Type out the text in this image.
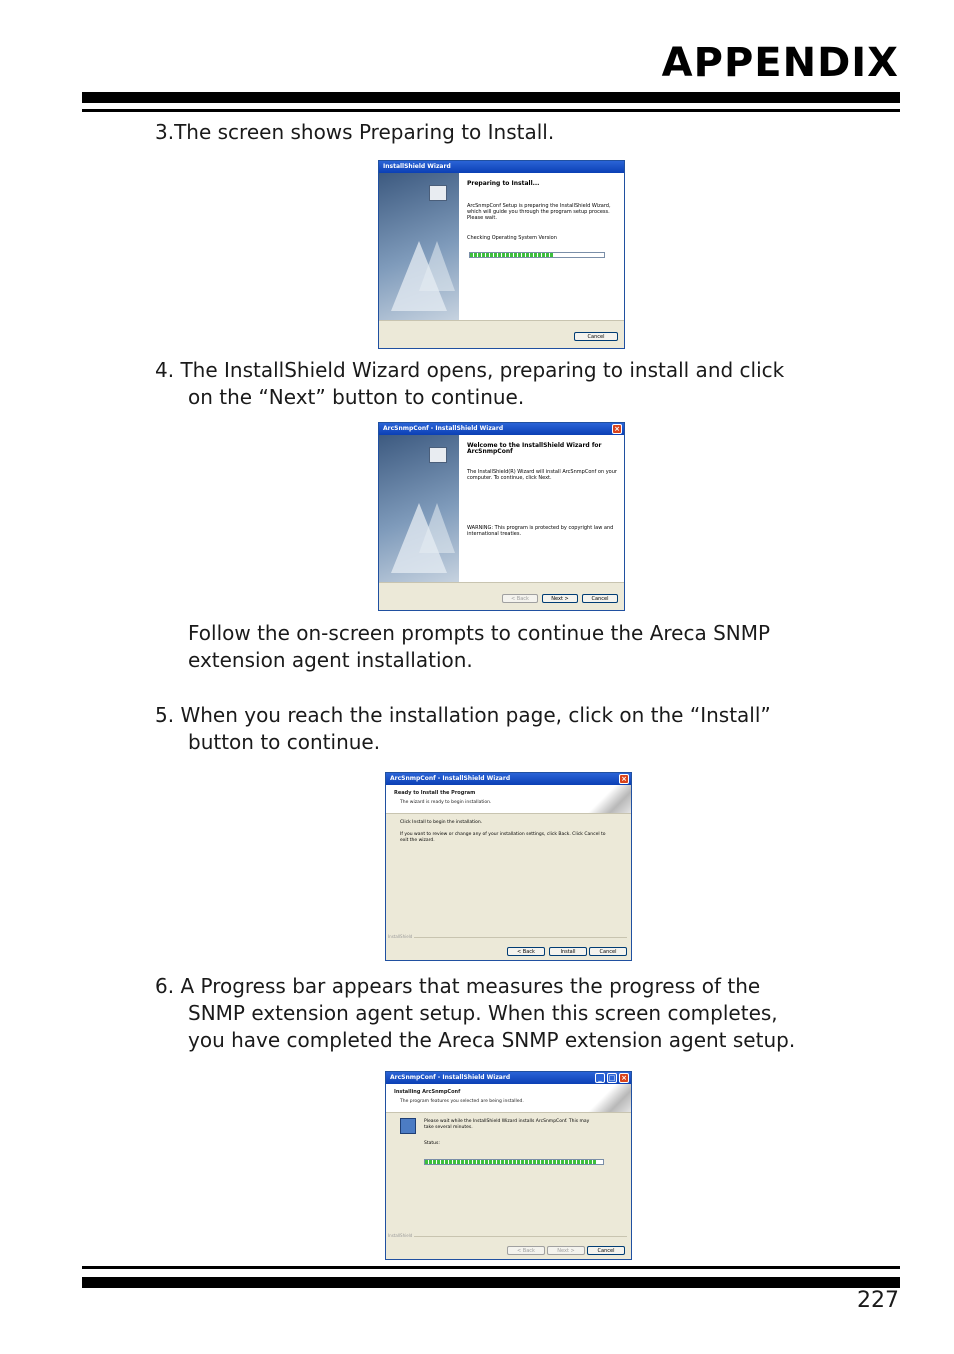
APPENDIX
3.The screen shows Preparing to Install.
InstallShield Wizard
Preparing to Install...

ArcSnmpConf Setup is preparing the InstallShield Wizard,

which will guide you through the program setup process.

Please wait.

Checking Operating System Version

Cancel
4. The InstallShield Wizard opens, preparing to install and click
on the “Next” button to continue.
ArcSnmpConf - InstallShield Wizard	×
Welcome to the InstallShield Wizard for
ArcSnmpConf

The InstallShield(R) Wizard will install ArcSnmpConf on your

computer. To continue, click Next.

WARNING: This program is protected by copyright law and

international treaties.

< Back	Next >	Cancel
Follow the on-screen prompts to continue the Areca SNMP
extension agent installation.
5. When you reach the installation page, click on the “Install”
button to continue.
ArcSnmpConf - InstallShield Wizard	×
Ready to Install the Program
The wizard is ready to begin installation.
Click Install to begin the installation.
If you want to review or change any of your installation settings, click Back. Click Cancel to
exit the wizard.
InstallShield
< Back	Install	Cancel
6. A Progress bar appears that measures the progress of the
SNMP extension agent setup. When this screen completes,
you have completed the Areca SNMP extension agent setup.
ArcSnmpConf - InstallShield Wizard	_ □ ×
Installing ArcSnmpConf
The program features you selected are being installed.
Please wait while the InstallShield Wizard installs ArcSnmpConf. This may
take several minutes.
Status:
InstallShield
< Back	Next >	Cancel
227
